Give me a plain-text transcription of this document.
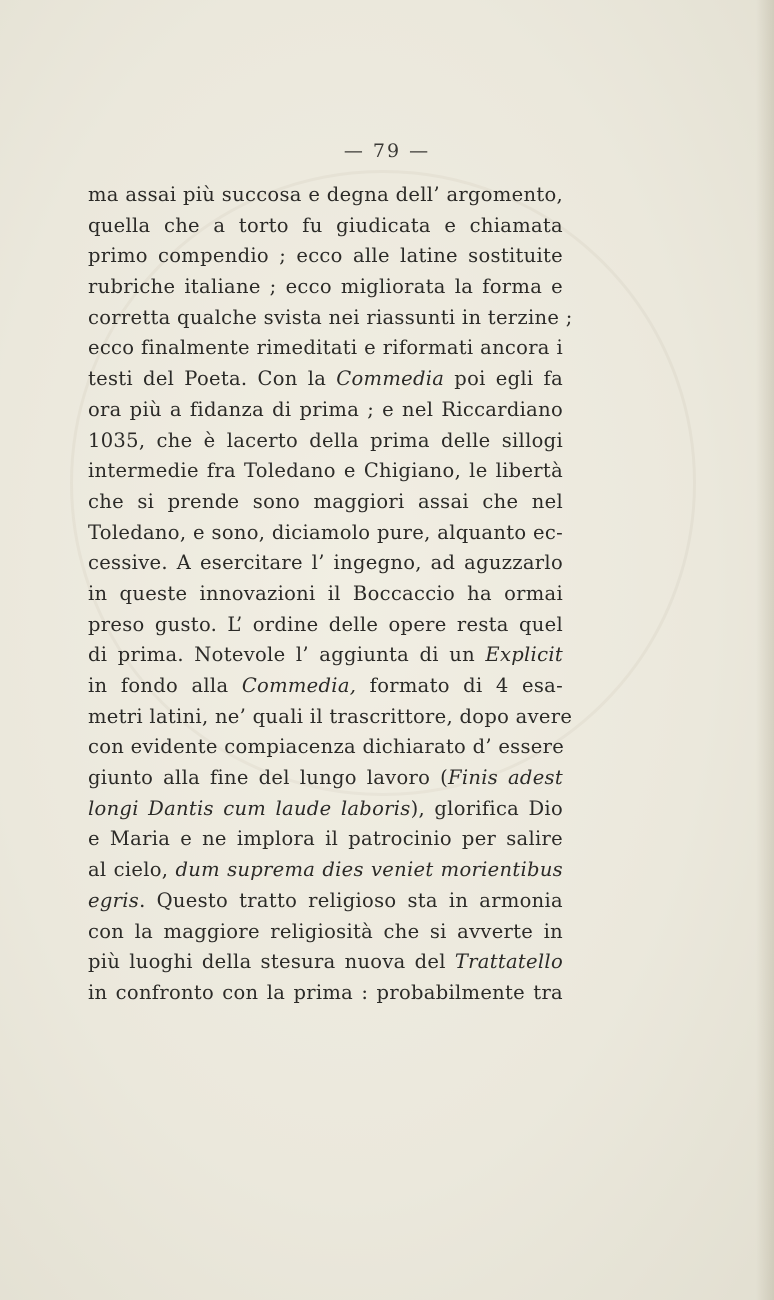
— 79 —
ma assai più succosa e degna dell’ argomento,
quella che a torto fu giudicata e chiamata
primo compendio ; ecco alle latine sostituite
rubriche italiane ; ecco migliorata la forma e
corretta qualche svista nei riassunti in terzine ;
ecco finalmente rimeditati e riformati ancora i
testi del Poeta. Con la Commedia poi egli fa
ora più a fidanza di prima ; e nel Riccardiano
1035, che è lacerto della prima delle sillogi
intermedie fra Toledano e Chigiano, le libertà
che si prende sono maggiori assai che nel
Toledano, e sono, diciamolo pure, alquanto ec-
cessive. A esercitare l’ ingegno, ad aguzzarlo
in queste innovazioni il Boccaccio ha ormai
preso gusto. L’ ordine delle opere resta quel
di prima. Notevole l’ aggiunta di un Explicit
in fondo alla Commedia, formato di 4 esa-
metri latini, ne’ quali il trascrittore, dopo avere
con evidente compiacenza dichiarato d’ essere
giunto alla fine del lungo lavoro (Finis adest
longi Dantis cum laude laboris), glorifica Dio
e Maria e ne implora il patrocinio per salire
al cielo, dum suprema dies veniet morientibus
egris. Questo tratto religioso sta in armonia
con la maggiore religiosità che si avverte in
più luoghi della stesura nuova del Trattatello
in confronto con la prima : probabilmente tra
